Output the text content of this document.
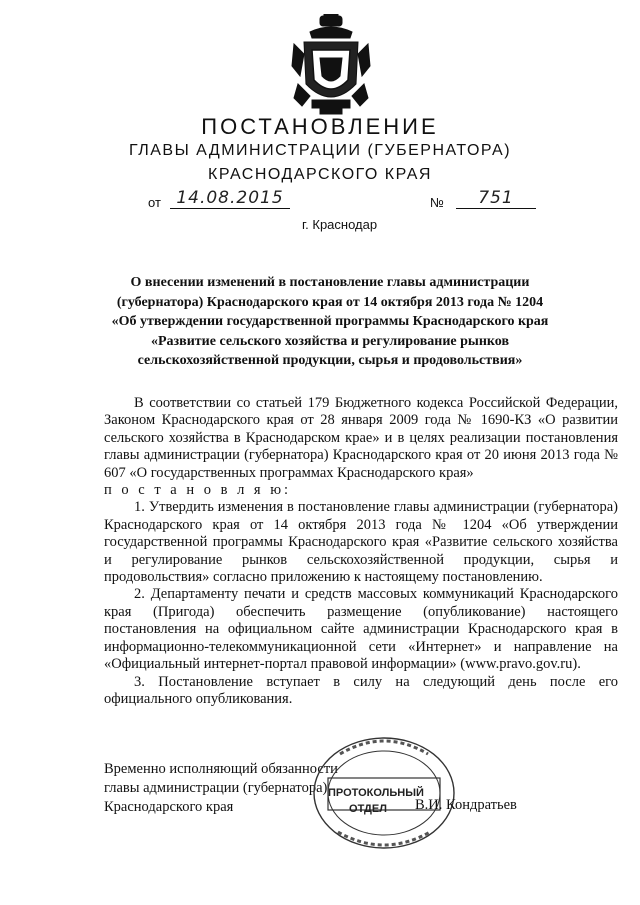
ПОСТАНОВЛЕНИЕ
ГЛАВЫ АДМИНИСТРАЦИИ (ГУБЕРНАТОРА)
КРАСНОДАРСКОГО КРАЯ
от 14.08.2015	№	751
г. Краснодар
О внесении изменений в постановление главы администрации
(губернатора) Краснодарского края от 14 октября 2013 года № 1204
«Об утверждении государственной программы Краснодарского края
«Развитие сельского хозяйства и регулирование рынков
сельскохозяйственной продукции, сырья и продовольствия»

В соответствии со статьей 179 Бюджетного кодекса Российской Федерации, Законом Краснодарского края от 28 января 2009 года № 1690-КЗ «О развитии сельского хозяйства в Краснодарском крае» и в целях реализации постановления главы администрации (губернатора) Краснодарского края от 20 июня 2013 года № 607 «О государственных программах Краснодарского края»

п о с т а н о в л я ю:

1. Утвердить изменения в постановление главы администрации (губернатора) Краснодарского края от 14 октября 2013 года № 1204 «Об утверждении государственной программы Краснодарского края «Развитие сельского хозяйства и регулирование рынков сельскохозяйственной продукции, сырья и продовольствия» согласно приложению к настоящему постановлению.

2. Департаменту печати и средств массовых коммуникаций Краснодарского края (Пригода) обеспечить размещение (опубликование) настоящего постановления на официальном сайте администрации Краснодарского края в информационно-телекоммуникационной сети «Интернет» и направление на «Официальный интернет-портал правовой информации» (www.pravo.gov.ru).

3. Постановление вступает в силу на следующий день после его официального опубликования.

Временно исполняющий обязанности
главы администрации (губернатора)
Краснодарского края
ПРОТОКОЛЬНЫЙ
ОТДЕЛ	В.И. Кондратьев
